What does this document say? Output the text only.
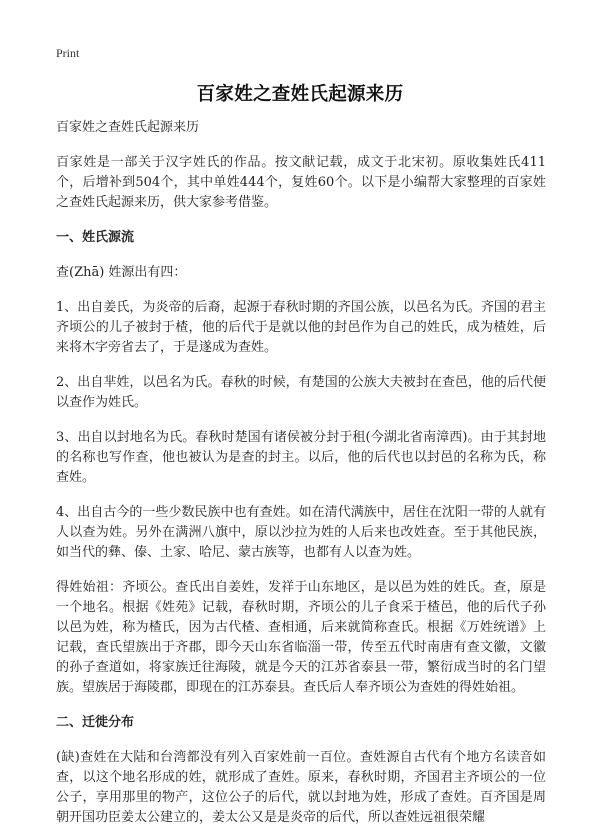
Print
百家姓之查姓氏起源来历

百家姓之查姓氏起源来历

百家姓是一部关于汉字姓氏的作品。按文献记载，成文于北宋初。原收集姓氏411个，后增补到504个，其中单姓444个，复姓60个。以下是小编帮大家整理的百家姓之查姓氏起源来历，供大家参考借鉴。

一、姓氏源流

查(Zhā) 姓源出有四：

1、出自姜氏，为炎帝的后裔，起源于春秋时期的齐国公族，以邑名为氏。齐国的君主齐顷公的儿子被封于楂，他的后代于是就以他的封邑作为自己的姓氏，成为楂姓，后来将木字旁省去了，于是遂成为查姓。

2、出自芈姓，以邑名为氏。春秋的时候，有楚国的公族大夫被封在查邑，他的后代便以查作为姓氏。

3、出自以封地名为氏。春秋时楚国有诸侯被分封于租(今湖北省南漳西)。由于其封地的名称也写作查，他也被认为是查的封主。以后，他的后代也以封邑的名称为氏，称查姓。

4、出自古今的一些少数民族中也有查姓。如在清代满族中，居住在沈阳一带的人就有人以查为姓。另外在满洲八旗中，原以沙拉为姓的人后来也改姓查。至于其他民族，如当代的彝、傣、土家、哈尼、蒙古族等，也都有人以查为姓。

得姓始祖：齐顷公。查氏出自姜姓，发祥于山东地区，是以邑为姓的姓氏。查，原是一个地名。根据《姓苑》记载，春秋时期，齐顷公的儿子食采于楂邑，他的后代子孙以邑为姓，称为楂氏，因为古代楂、查相通，后来就简称查氏。根据《万姓统谱》上记载，查氏望族出于齐郡，即今天山东省临淄一带，传至五代时南唐有查文徽，文徽的孙子查道如，将家族迁往海陵，就是今天的江苏省泰县一带，繁衍成当时的名门望族。望族居于海陵郡，即现在的江苏泰县。查氏后人奉齐顷公为查姓的得姓始祖。

二、迁徙分布

(缺)查姓在大陆和台湾都没有列入百家姓前一百位。查姓源自古代有个地方名读音如查，以这个地名形成的姓，就形成了查姓。原来，春秋时期，齐国君主齐顷公的一位公子，享用那里的物产，这位公子的后代，就以封地为姓，形成了查姓。百齐国是周朝开国功臣姜太公建立的，姜太公又是是炎帝的后代，所以查姓远祖很荣耀
